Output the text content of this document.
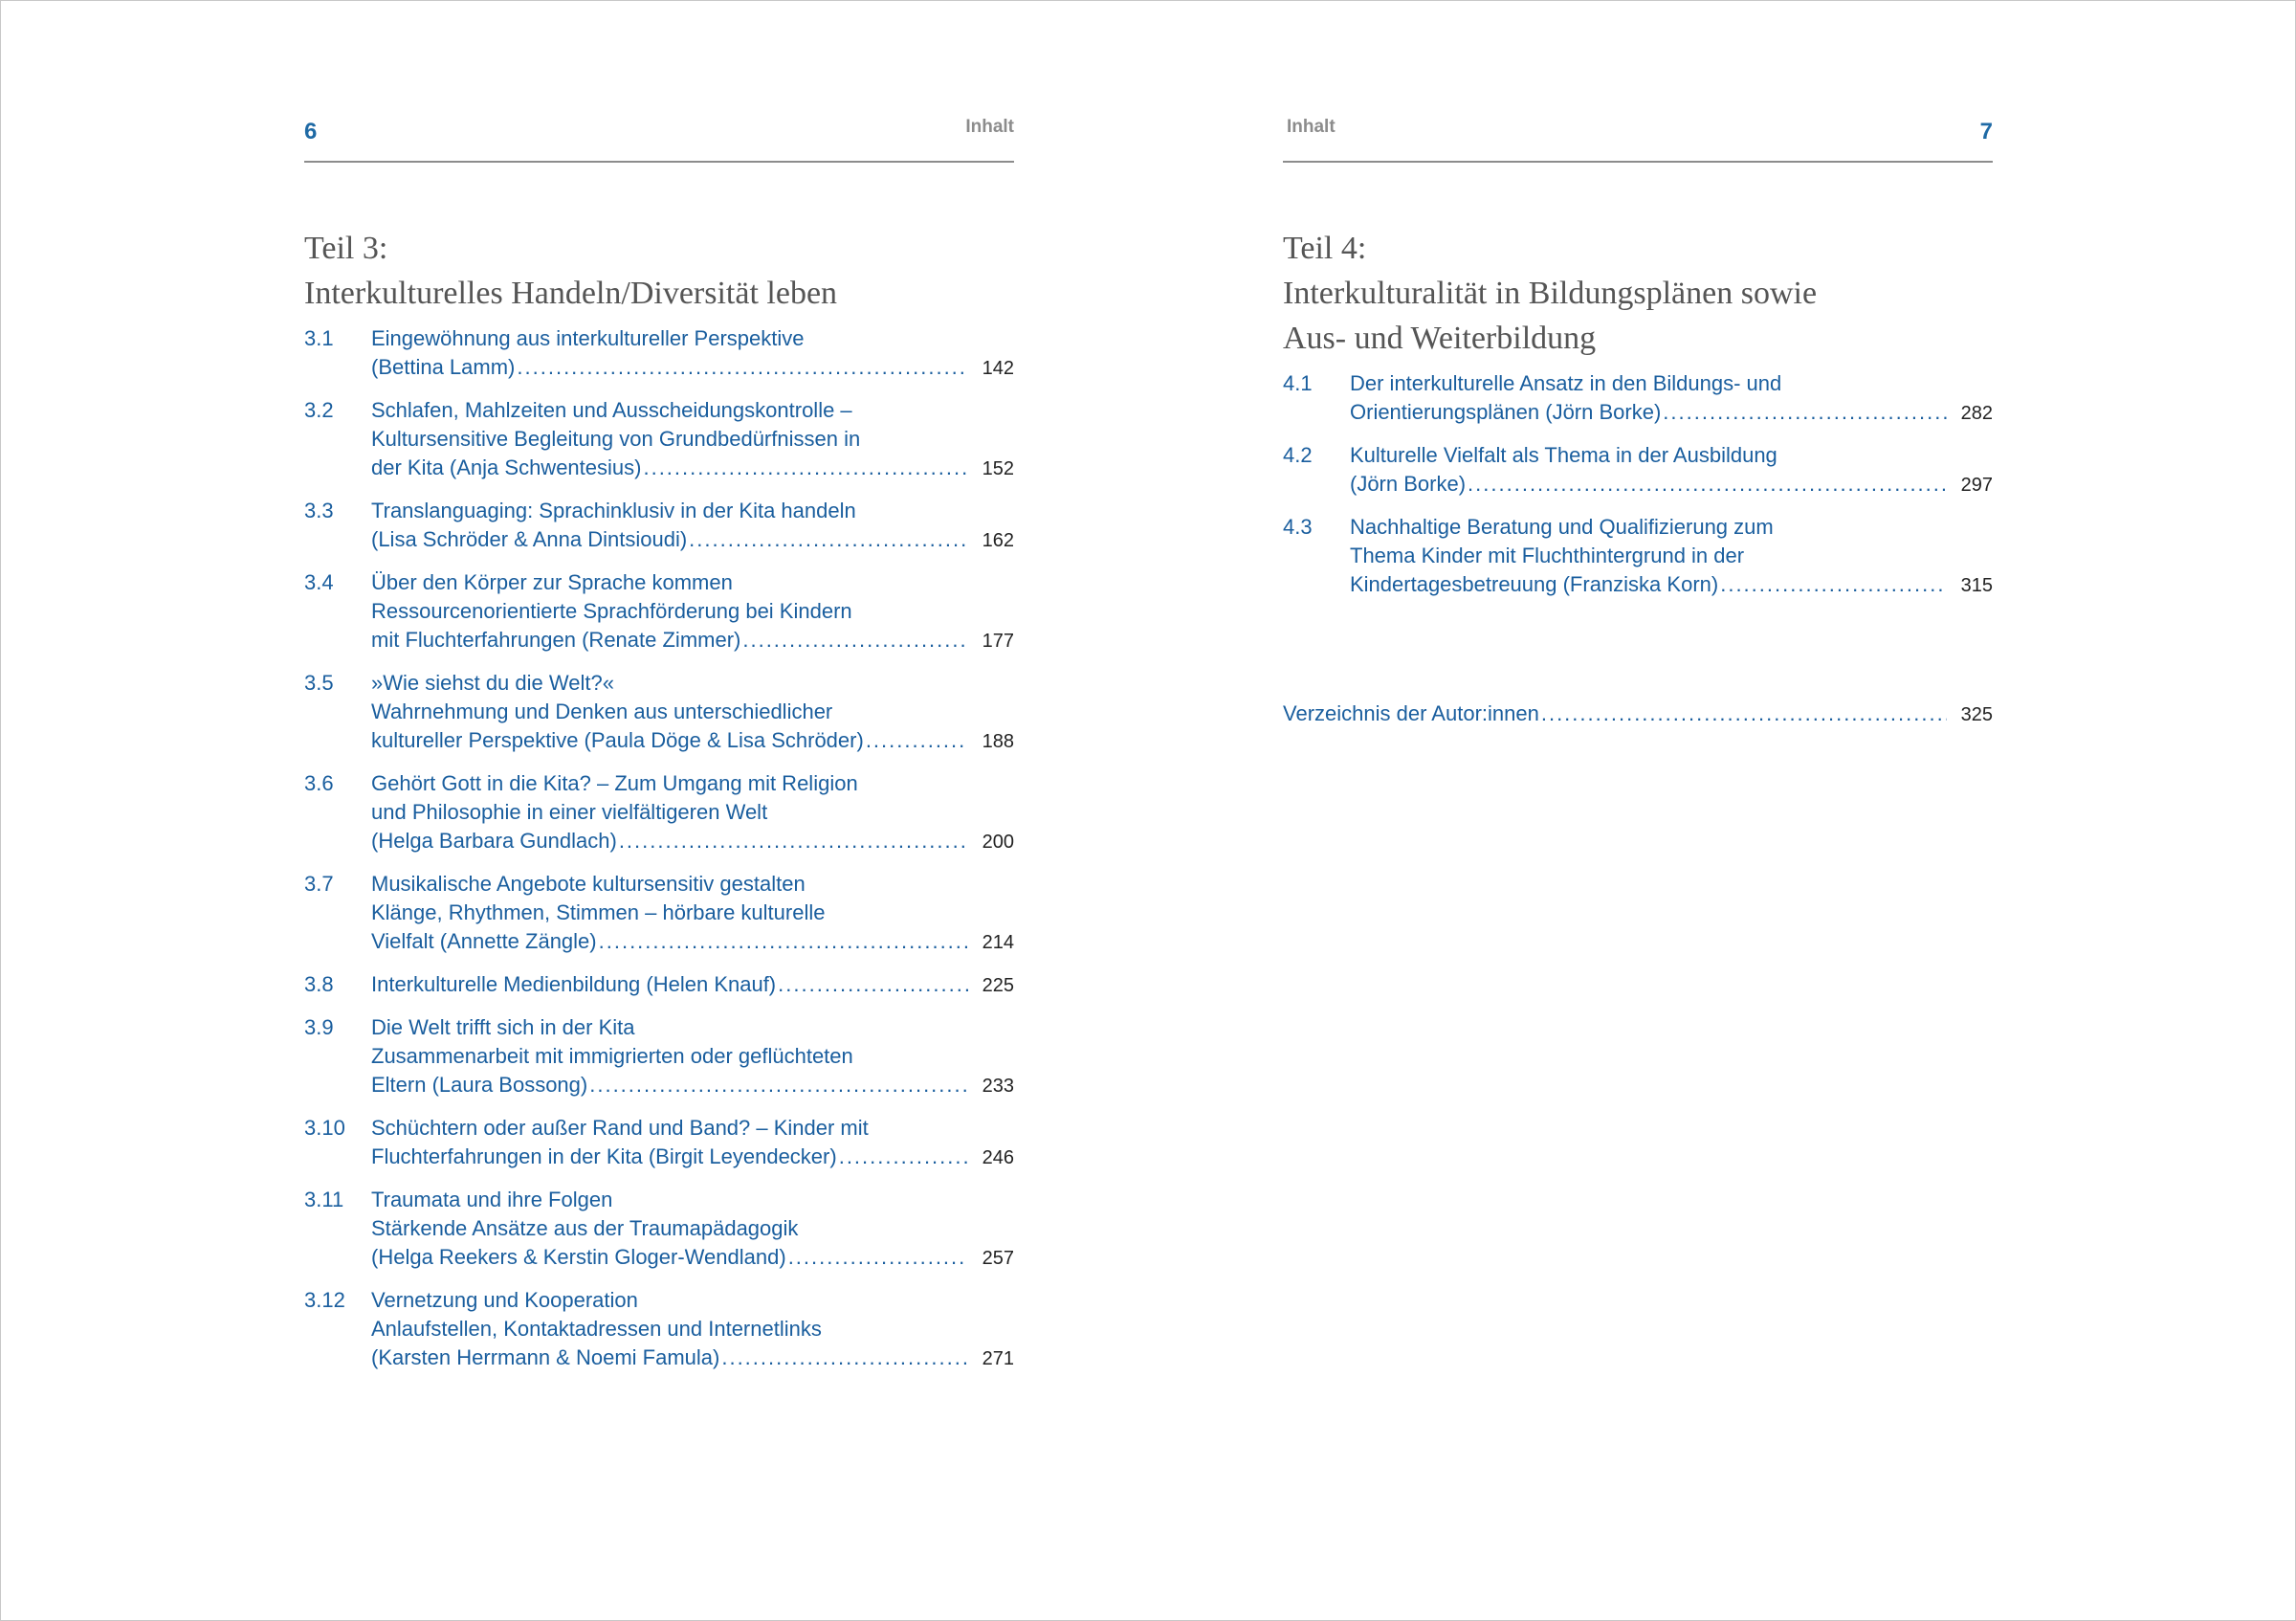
6	Inhalt
Teil 3:
Interkulturelles Handeln/Diversität leben
3.1	Eingewöhnung aus interkultureller Perspektive
(Bettina Lamm) .....	142
3.2	Schlafen, Mahlzeiten und Ausscheidungskontrolle –
Kultursensitive Begleitung von Grundbedürfnissen in
der Kita (Anja Schwentesius) .....	152
3.3	Translanguaging: Sprachinklusiv in der Kita handeln
(Lisa Schröder & Anna Dintsioudi) .....	162
3.4	Über den Körper zur Sprache kommen
Ressourcenorientierte Sprachförderung bei Kindern
mit Fluchterfahrungen (Renate Zimmer) .....	177
3.5	»Wie siehst du die Welt?«
Wahrnehmung und Denken aus unterschiedlicher
kultureller Perspektive (Paula Döge & Lisa Schröder) .....	188
3.6	Gehört Gott in die Kita? – Zum Umgang mit Religion
und Philosophie in einer vielfältigeren Welt
(Helga Barbara Gundlach) .....	200
3.7	Musikalische Angebote kultursensitiv gestalten
Klänge, Rhythmen, Stimmen – hörbare kulturelle
Vielfalt (Annette Zängle) .....	214
3.8	Interkulturelle Medienbildung (Helen Knauf) .....	225
3.9	Die Welt trifft sich in der Kita
Zusammenarbeit mit immigrierten oder geflüchteten
Eltern (Laura Bossong) .....	233
3.10	Schüchtern oder außer Rand und Band? – Kinder mit
Fluchterfahrungen in der Kita (Birgit Leyendecker) .....	246
3.11	Traumata und ihre Folgen
Stärkende Ansätze aus der Traumapädagogik
(Helga Reekers & Kerstin Gloger-Wendland) .....	257
3.12	Vernetzung und Kooperation
Anlaufstellen, Kontaktadressen und Internetlinks
(Karsten Herrmann & Noemi Famula) .....	271
Inhalt	7
Teil 4:
Interkulturalität in Bildungsplänen sowie
Aus- und Weiterbildung
4.1	Der interkulturelle Ansatz in den Bildungs- und
Orientierungsplänen (Jörn Borke) .....	282
4.2	Kulturelle Vielfalt als Thema in der Ausbildung
(Jörn Borke) .....	297
4.3	Nachhaltige Beratung und Qualifizierung zum
Thema Kinder mit Fluchthintergrund in der
Kindertagesbetreuung (Franziska Korn) .....	315
Verzeichnis der Autor:innen .....	325
